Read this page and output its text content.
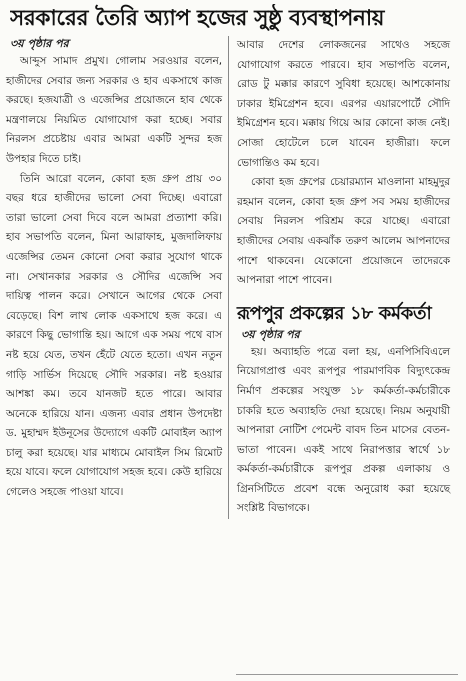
সরকারের তৈরি অ্যাপ হজের সুষ্ঠু ব্যবস্থাপনায়
৩য় পৃষ্ঠার পর

আব্দুস সামাদ প্রমুখ। গোলাম সরওয়ার বলেন, হাজীদের সেবার জন্য সরকার ও হাব একসাথে কাজ করছে। হজযাত্রী ও এজেন্সির প্রয়োজনে হাব থেকে মন্ত্রণালয়ে নিয়মিত যোগাযোগ করা হচ্ছে। সবার নিরলস প্রচেষ্টায় এবার আমরা একটি সুন্দর হজ উপহার দিতে চাই।

তিনি আরো বলেন, কোবা হজ গ্রুপ প্রায় ৩০ বছর ধরে হাজীদের ভালো সেবা দিচ্ছে। এবারো তারা ভালো সেবা দিবে বলে আমরা প্রত্যাশা করি। হাব সভাপতি বলেন, মিনা আরাফাহ, মুজদালিফায় এজেন্সির তেমন কোনো সেবা করার সুযোগ থাকে না। সেখানকার সরকার ও সৌদির এজেন্সি সব দায়িত্ব পালন করে। সেখানে আগের থেকে সেবা বেড়েছে। বিশ লাখ লোক একসাথে হজ করে। এ কারণে কিছু ভোগান্তি হয়। আগে এক সময় পথে বাস নষ্ট হয়ে যেত, তখন হেঁটে যেতে হতো। এখন নতুন গাড়ি সার্ভিস দিয়েছে সৌদি সরকার। নষ্ট হওয়ার আশঙ্কা কম। তবে যানজট হতে পারে। আবার অনেকে হারিয়ে যান। এজন্য এবার প্রধান উপদেষ্টা ড. মুহাম্মদ ইউনূসের উদ্যোগে একটি মোবাইল অ্যাপ চালু করা হয়েছে। যার মাধ্যমে মোবাইল সিম রিমোট হয়ে যাবে। ফলে যোগাযোগ সহজ হবে। কেউ হারিয়ে গেলেও সহজে পাওয়া যাবে।

আবার দেশের লোকজনের সাথেও সহজে যোগাযোগ করতে পারবে। হাব সভাপতি বলেন, রোড টু মক্কার কারণে সুবিধা হয়েছে। আশকোনায় ঢাকার ইমিগ্রেশন হবে। এরপর এয়ারপোর্টে সৌদি ইমিগ্রেশন হবে। মক্কায় গিয়ে আর কোনো কাজ নেই। সোজা হোটেলে চলে যাবেন হাজীরা। ফলে ভোগান্তিও কম হবে।

কোবা হজ গ্রুপের চেয়ারম্যান মাওলানা মাহমুদুর রহমান বলেন, কোবা হজ গ্রুপ সব সময় হাজীদের সেবায় নিরলস পরিশ্রম করে যাচ্ছে। এবারো হাজীদের সেবায় একঝাঁক তরুণ আলেম আপনাদের পাশে থাকবেন। যেকোনো প্রয়োজনে তাদেরকে আপনারা পাশে পাবেন।

রূপপুর প্রকল্পের ১৮ কর্মকর্তা
৩য় পৃষ্ঠার পর

হয়। অব্যাহতি পত্রে বলা হয়, এনপিসিবিএলে নিয়োগপ্রাপ্ত এবং রূপপুর পারমাণবিক বিদ্যুৎকেন্দ্র নির্মাণ প্রকল্পের সংযুক্ত ১৮ কর্মকর্তা-কর্মচারীকে চাকরি হতে অব্যাহতি দেয়া হয়েছে। নিয়ম অনুযায়ী আপনারা নোটিশ পেমেন্ট বাবদ তিন মাসের বেতন-ভাতা পাবেন। একই সাথে নিরাপত্তার স্বার্থে ১৮ কর্মকর্তা-কর্মচারীকে রূপপুর প্রকল্প এলাকায় ও গ্রিনসিটিতে প্রবেশ বন্ধে অনুরোধ করা হয়েছে সংশ্লিষ্ট বিভাগকে।
